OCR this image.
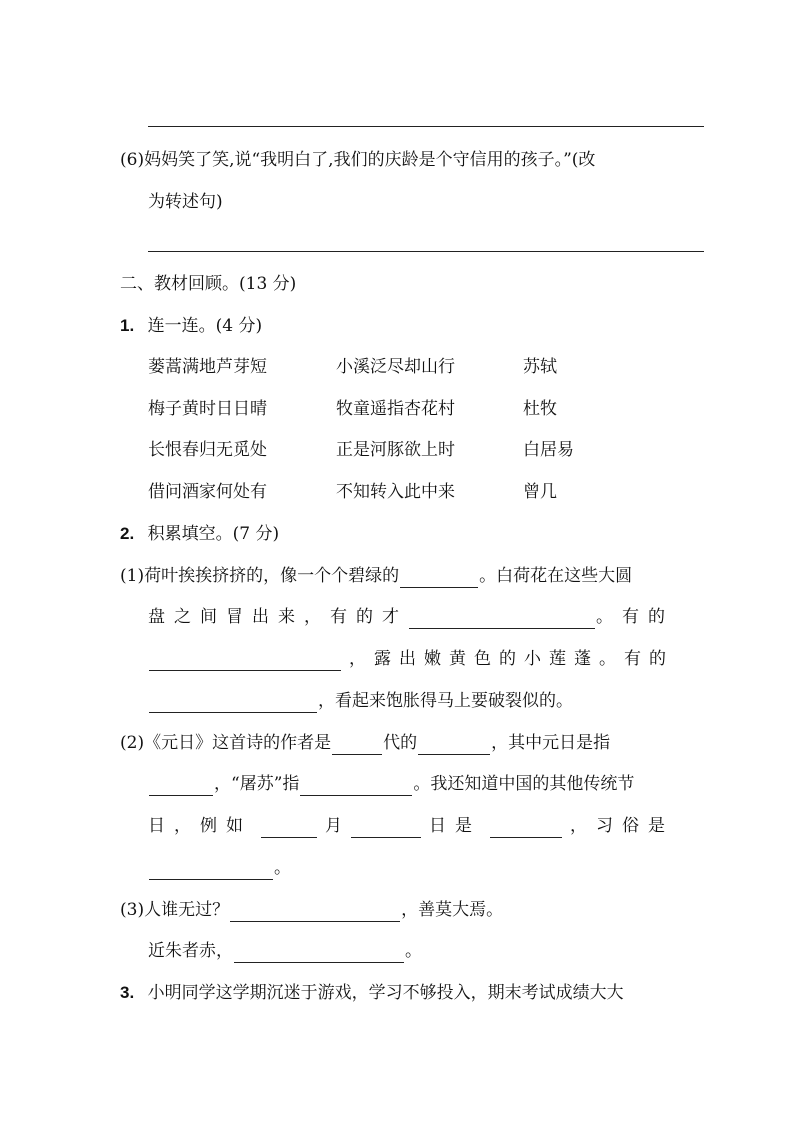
(6)妈妈笑了笑,说“我明白了,我们的庆龄是个守信用的孩子。”(改
为转述句)
二、教材回顾。(13 分)
1. 连一连。(4 分)
蒌蒿满地芦芽短	小溪泛尽却山行	苏轼
梅子黄时日日晴	牧童遥指杏花村	杜牧
长恨春归无觅处	正是河豚欲上时	白居易
借问酒家何处有	不知转入此中来	曾几
2. 积累填空。(7 分)
(1)荷叶挨挨挤挤的，像一个个碧绿的	。白荷花在这些大圆
盘之间冒出来，有的才	。有的
，露出嫩黄色的小莲蓬。有的
，看起来饱胀得马上要破裂似的。
(2)《元日》这首诗的作者是	代的	，其中元日是指
，“屠苏”指	。我还知道中国的其他传统节
日，例如	月	日是	，习俗是
。
(3)人谁无过？	，善莫大焉。
近朱者赤，	。
3. 小明同学这学期沉迷于游戏，学习不够投入，期末考试成绩大大
